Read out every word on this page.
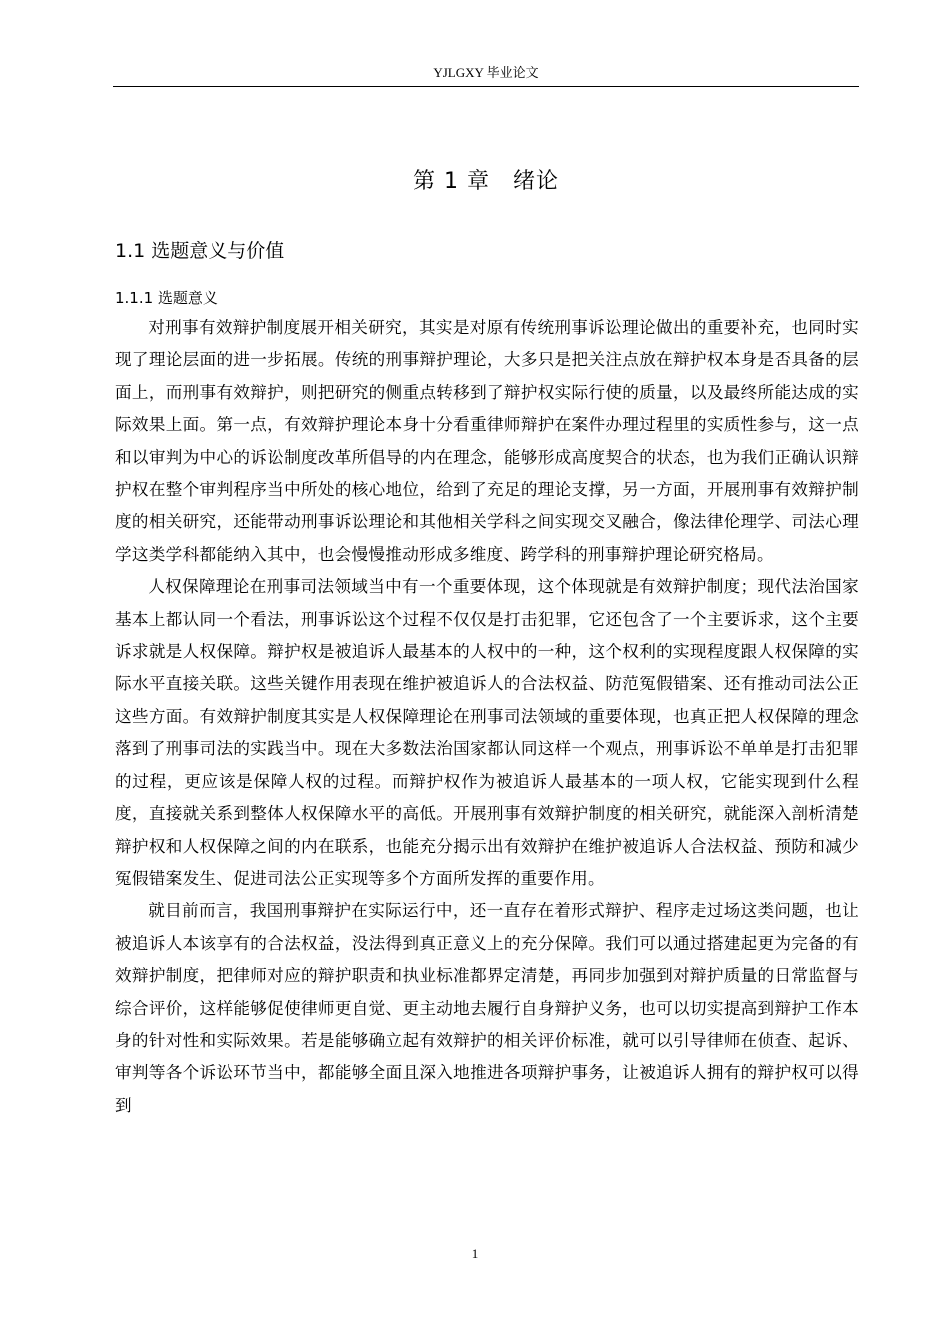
YJLGXY 毕业论文
第 1 章　绪论
1.1 选题意义与价值
1.1.1 选题意义

对刑事有效辩护制度展开相关研究，其实是对原有传统刑事诉讼理论做出的重要补充，也同时实现了理论层面的进一步拓展。传统的刑事辩护理论，大多只是把关注点放在辩护权本身是否具备的层面上，而刑事有效辩护，则把研究的侧重点转移到了辩护权实际行使的质量，以及最终所能达成的实际效果上面。第一点，有效辩护理论本身十分看重律师辩护在案件办理过程里的实质性参与，这一点和以审判为中心的诉讼制度改革所倡导的内在理念，能够形成高度契合的状态，也为我们正确认识辩护权在整个审判程序当中所处的核心地位，给到了充足的理论支撑，另一方面，开展刑事有效辩护制度的相关研究，还能带动刑事诉讼理论和其他相关学科之间实现交叉融合，像法律伦理学、司法心理学这类学科都能纳入其中，也会慢慢推动形成多维度、跨学科的刑事辩护理论研究格局。

人权保障理论在刑事司法领域当中有一个重要体现，这个体现就是有效辩护制度；现代法治国家基本上都认同一个看法，刑事诉讼这个过程不仅仅是打击犯罪，它还包含了一个主要诉求，这个主要诉求就是人权保障。辩护权是被追诉人最基本的人权中的一种，这个权利的实现程度跟人权保障的实际水平直接关联。这些关键作用表现在维护被追诉人的合法权益、防范冤假错案、还有推动司法公正这些方面。有效辩护制度其实是人权保障理论在刑事司法领域的重要体现，也真正把人权保障的理念落到了刑事司法的实践当中。现在大多数法治国家都认同这样一个观点，刑事诉讼不单单是打击犯罪的过程，更应该是保障人权的过程。而辩护权作为被追诉人最基本的一项人权，它能实现到什么程度，直接就关系到整体人权保障水平的高低。开展刑事有效辩护制度的相关研究，就能深入剖析清楚辩护权和人权保障之间的内在联系，也能充分揭示出有效辩护在维护被追诉人合法权益、预防和减少冤假错案发生、促进司法公正实现等多个方面所发挥的重要作用。

就目前而言，我国刑事辩护在实际运行中，还一直存在着形式辩护、程序走过场这类问题，也让被追诉人本该享有的合法权益，没法得到真正意义上的充分保障。我们可以通过搭建起更为完备的有效辩护制度，把律师对应的辩护职责和执业标准都界定清楚，再同步加强到对辩护质量的日常监督与综合评价，这样能够促使律师更自觉、更主动地去履行自身辩护义务，也可以切实提高到辩护工作本身的针对性和实际效果。若是能够确立起有效辩护的相关评价标准，就可以引导律师在侦查、起诉、审判等各个诉讼环节当中，都能够全面且深入地推进各项辩护事务，让被追诉人拥有的辩护权可以得到

1
